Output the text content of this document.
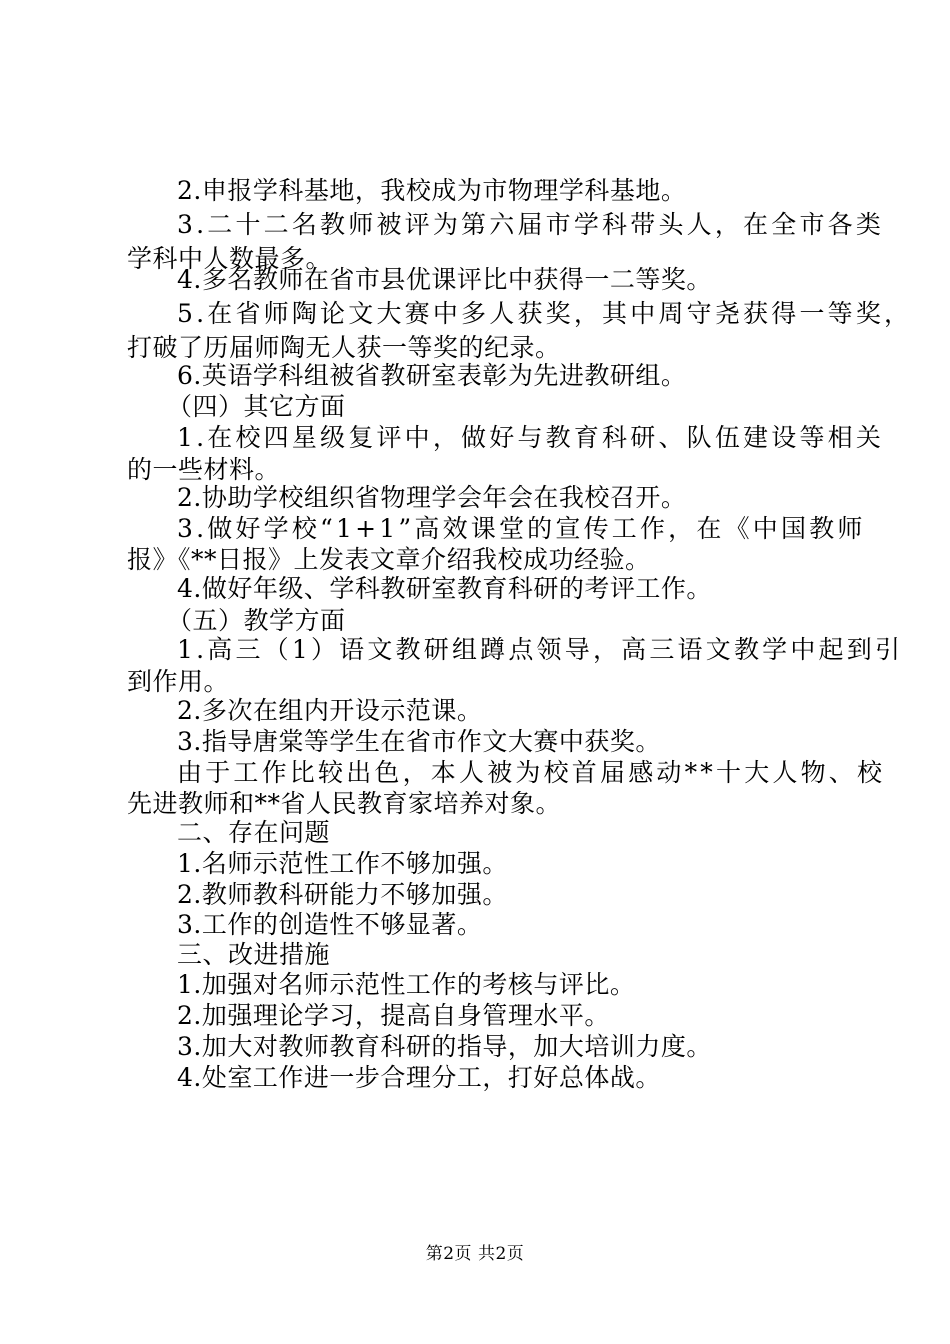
2.申报学科基地，我校成为市物理学科基地。
3.二十二名教师被评为第六届市学科带头人，在全市各类
学科中人数最多。
4.多名教师在省市县优课评比中获得一二等奖。
5.在省师陶论文大赛中多人获奖，其中周守尧获得一等奖，
打破了历届师陶无人获一等奖的纪录。
6.英语学科组被省教研室表彰为先进教研组。
（四）其它方面
1.在校四星级复评中，做好与教育科研、队伍建设等相关
的一些材料。
2.协助学校组织省物理学会年会在我校召开。
3.做好学校“1+1”高效课堂的宣传工作，在《中国教师
报》《**日报》上发表文章介绍我校成功经验。
4.做好年级、学科教研室教育科研的考评工作。
（五）教学方面
1.高三（1）语文教研组蹲点领导，高三语文教学中起到引
到作用。
2.多次在组内开设示范课。
3.指导唐棠等学生在省市作文大赛中获奖。
由于工作比较出色，本人被为校首届感动**十大人物、校
先进教师和**省人民教育家培养对象。
二、存在问题
1.名师示范性工作不够加强。
2.教师教科研能力不够加强。
3.工作的创造性不够显著。
三、改进措施
1.加强对名师示范性工作的考核与评比。
2.加强理论学习，提高自身管理水平。
3.加大对教师教育科研的指导，加大培训力度。
4.处室工作进一步合理分工，打好总体战。
第2页 共2页
